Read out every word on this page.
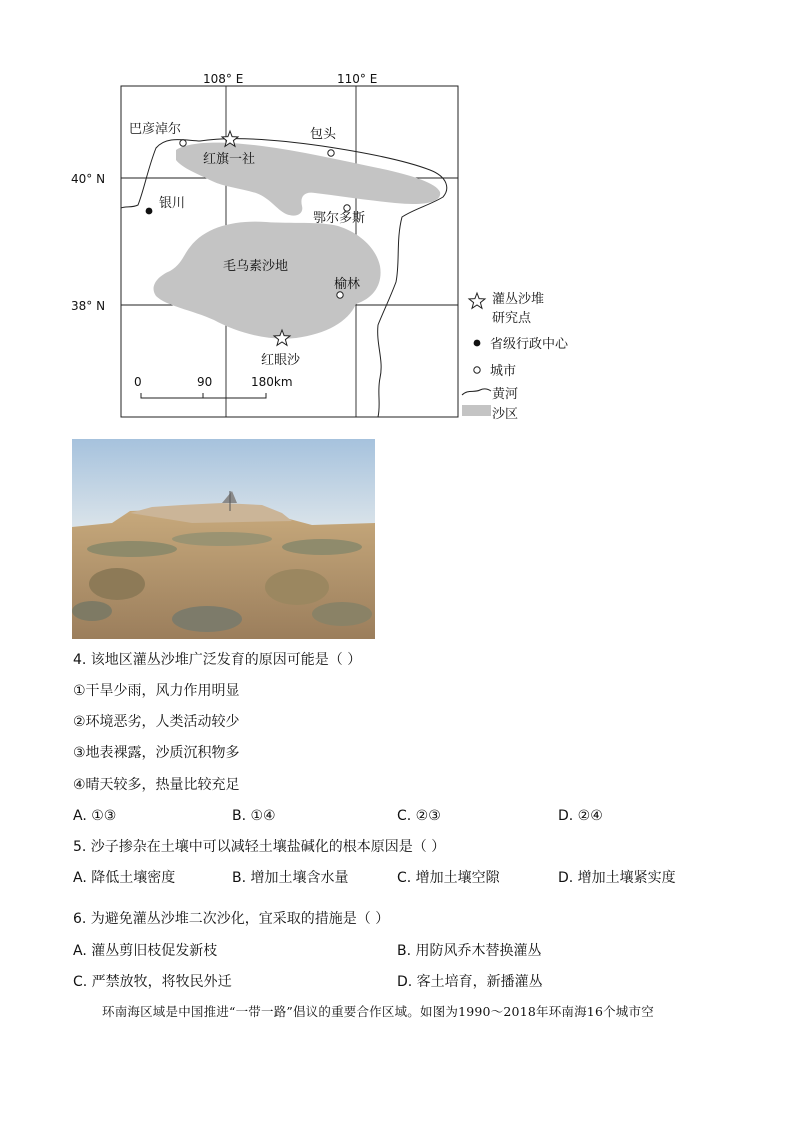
108° E	110° E
40° N
38° N
巴彦淖尔	包头
银川
鄂尔多斯
榆林
红旗一社
红眼沙
毛乌素沙地
0	90	180km
灌丛沙堆
研究点
省级行政中心
城市
黄河
沙区
4. 该地区灌丛沙堆广泛发育的原因可能是（ ）
①干旱少雨，风力作用明显
②环境恶劣，人类活动较少
③地表裸露，沙质沉积物多
④晴天较多，热量比较充足
A. ①③	B. ①④	C. ②③	D. ②④
5. 沙子掺杂在土壤中可以减轻土壤盐碱化的根本原因是（ ）
A. 降低土壤密度	B. 增加土壤含水量	C. 增加土壤空隙	D. 增加土壤紧实度
6. 为避免灌丛沙堆二次沙化，宜采取的措施是（ ）
A. 灌丛剪旧枝促发新枝	B. 用防风乔木替换灌丛
C. 严禁放牧，将牧民外迁	D. 客土培育，新播灌丛
环南海区域是中国推进“一带一路”倡议的重要合作区域。如图为1990～2018年环南海16个城市空
